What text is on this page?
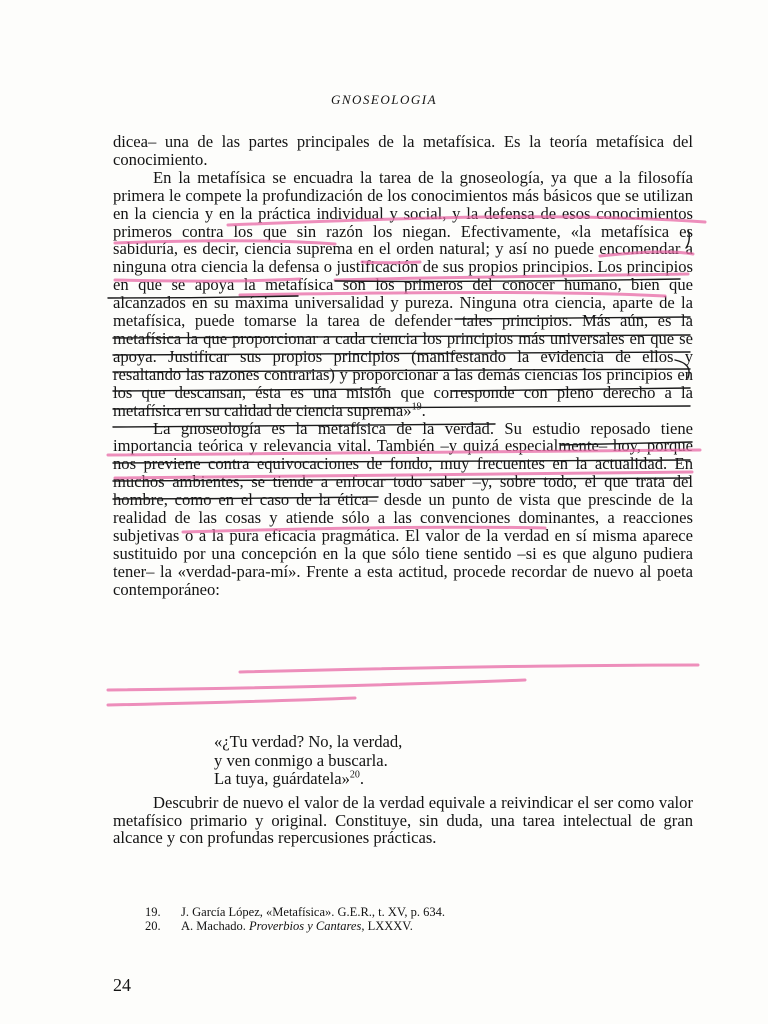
GNOSEOLOGIA

dicea– una de las partes principales de la metafísica. Es la teoría metafísica del conocimiento.

En la metafísica se encuadra la tarea de la gnoseología, ya que a la filosofía primera le compete la profundización de los conocimientos más básicos que se utilizan en la ciencia y en la práctica individual y social, y la defensa de esos conocimientos primeros contra los que sin razón los niegan. Efectivamente, «la metafísica es sabiduría, es decir, ciencia suprema en el orden natural; y así no puede encomendar a ninguna otra ciencia la defensa o justificación de sus propios principios. Los principios en que se apoya la metafísica son los primeros del conocer humano, bien que alcanzados en su máxima universalidad y pureza. Ninguna otra ciencia, aparte de la metafísica, puede tomarse la tarea de defender tales principios. Más aún, es la metafísica la que proporcionar a cada ciencia los principios más universales en que se apoya. Justificar sus propios principios (manifestando la evidencia de ellos y resaltando las razones contrarias) y proporcionar a las demás ciencias los principios en los que descansan, ésta es una misión que corresponde con pleno derecho a la metafísica en su calidad de ciencia suprema»$^{19}$.

La gnoseología es la metafísica de la verdad. Su estudio reposado tiene importancia teórica y relevancia vital. También –y quizá especialmente– hoy, porque nos previene contra equivocaciones de fondo, muy frecuentes en la actualidad. En muchos ambientes, se tiende a enfocar todo saber –y, sobre todo, el que trata del hombre, como en el caso de la ética– desde un punto de vista que prescinde de la realidad de las cosas y atiende sólo a las convenciones dominantes, a reacciones subjetivas o a la pura eficacia pragmática. El valor de la verdad en sí misma aparece sustituido por una concepción en la que sólo tiene sentido –si es que alguno pudiera tener– la «verdad-para-mí». Frente a esta actitud, procede recordar de nuevo al poeta contemporáneo:

«¿Tu verdad? No, la verdad,
y ven conmigo a buscarla.
La tuya, guárdatela»$^{20}$.

Descubrir de nuevo el valor de la verdad equivale a reivindicar el ser como valor metafísico primario y original. Constituye, sin duda, una tarea intelectual de gran alcance y con profundas repercusiones prácticas.

19. J. García López, «Metafísica». G.E.R., t. XV, p. 634.
20. A. Machado. Proverbios y Cantares, LXXXV.
24
